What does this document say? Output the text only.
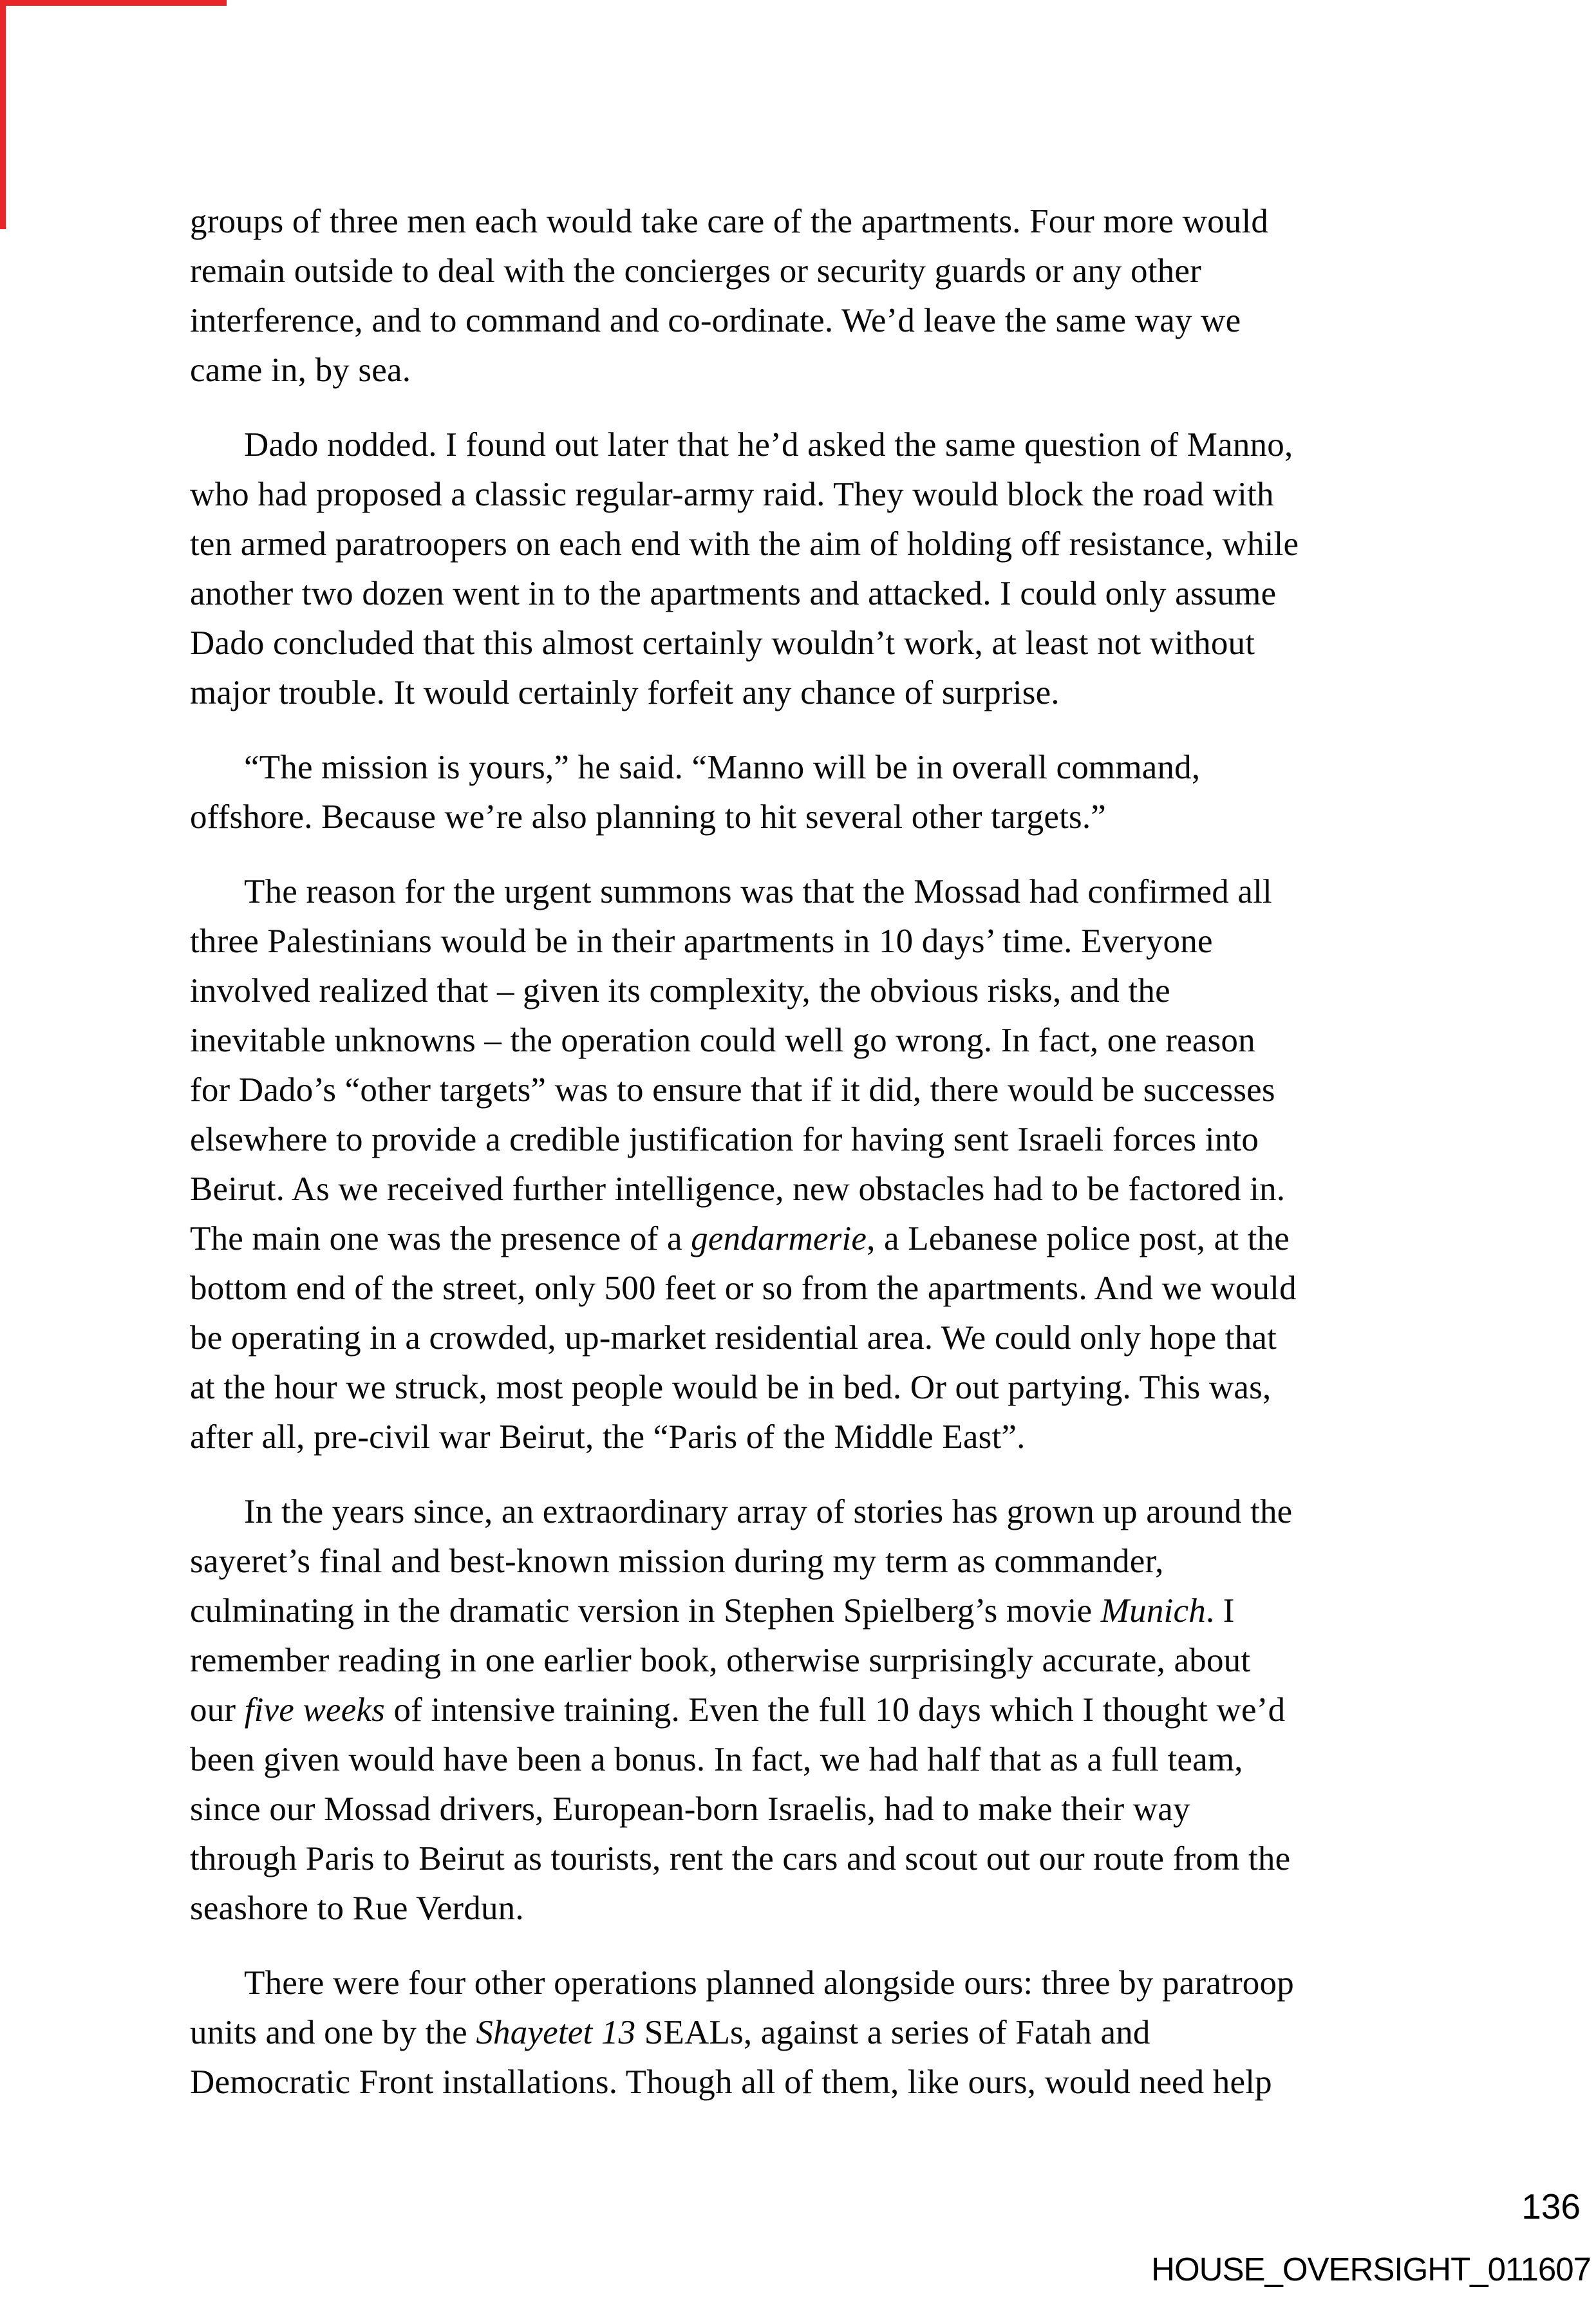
groups of three men each would take care of the apartments. Four more would
remain outside to deal with the concierges or security guards or any other
interference, and to command and co-ordinate. We’d leave the same way we
came in, by sea.
Dado nodded. I found out later that he’d asked the same question of Manno,
who had proposed a classic regular-army raid. They would block the road with
ten armed paratroopers on each end with the aim of holding off resistance, while
another two dozen went in to the apartments and attacked. I could only assume
Dado concluded that this almost certainly wouldn’t work, at least not without
major trouble. It would certainly forfeit any chance of surprise.
“The mission is yours,” he said. “Manno will be in overall command,
offshore. Because we’re also planning to hit several other targets.”
The reason for the urgent summons was that the Mossad had confirmed all
three Palestinians would be in their apartments in 10 days’ time. Everyone
involved realized that – given its complexity, the obvious risks, and the
inevitable unknowns – the operation could well go wrong. In fact, one reason
for Dado’s “other targets” was to ensure that if it did, there would be successes
elsewhere to provide a credible justification for having sent Israeli forces into
Beirut. As we received further intelligence, new obstacles had to be factored in.
The main one was the presence of a gendarmerie, a Lebanese police post, at the
bottom end of the street, only 500 feet or so from the apartments. And we would
be operating in a crowded, up-market residential area. We could only hope that
at the hour we struck, most people would be in bed. Or out partying. This was,
after all, pre-civil war Beirut, the “Paris of the Middle East”.
In the years since, an extraordinary array of stories has grown up around the
sayeret’s final and best-known mission during my term as commander,
culminating in the dramatic version in Stephen Spielberg’s movie Munich. I
remember reading in one earlier book, otherwise surprisingly accurate, about
our five weeks of intensive training. Even the full 10 days which I thought we’d
been given would have been a bonus. In fact, we had half that as a full team,
since our Mossad drivers, European-born Israelis, had to make their way
through Paris to Beirut as tourists, rent the cars and scout out our route from the
seashore to Rue Verdun.
There were four other operations planned alongside ours: three by paratroop
units and one by the Shayetet 13 SEALs, against a series of Fatah and
Democratic Front installations. Though all of them, like ours, would need help
136
HOUSE_OVERSIGHT_011607
